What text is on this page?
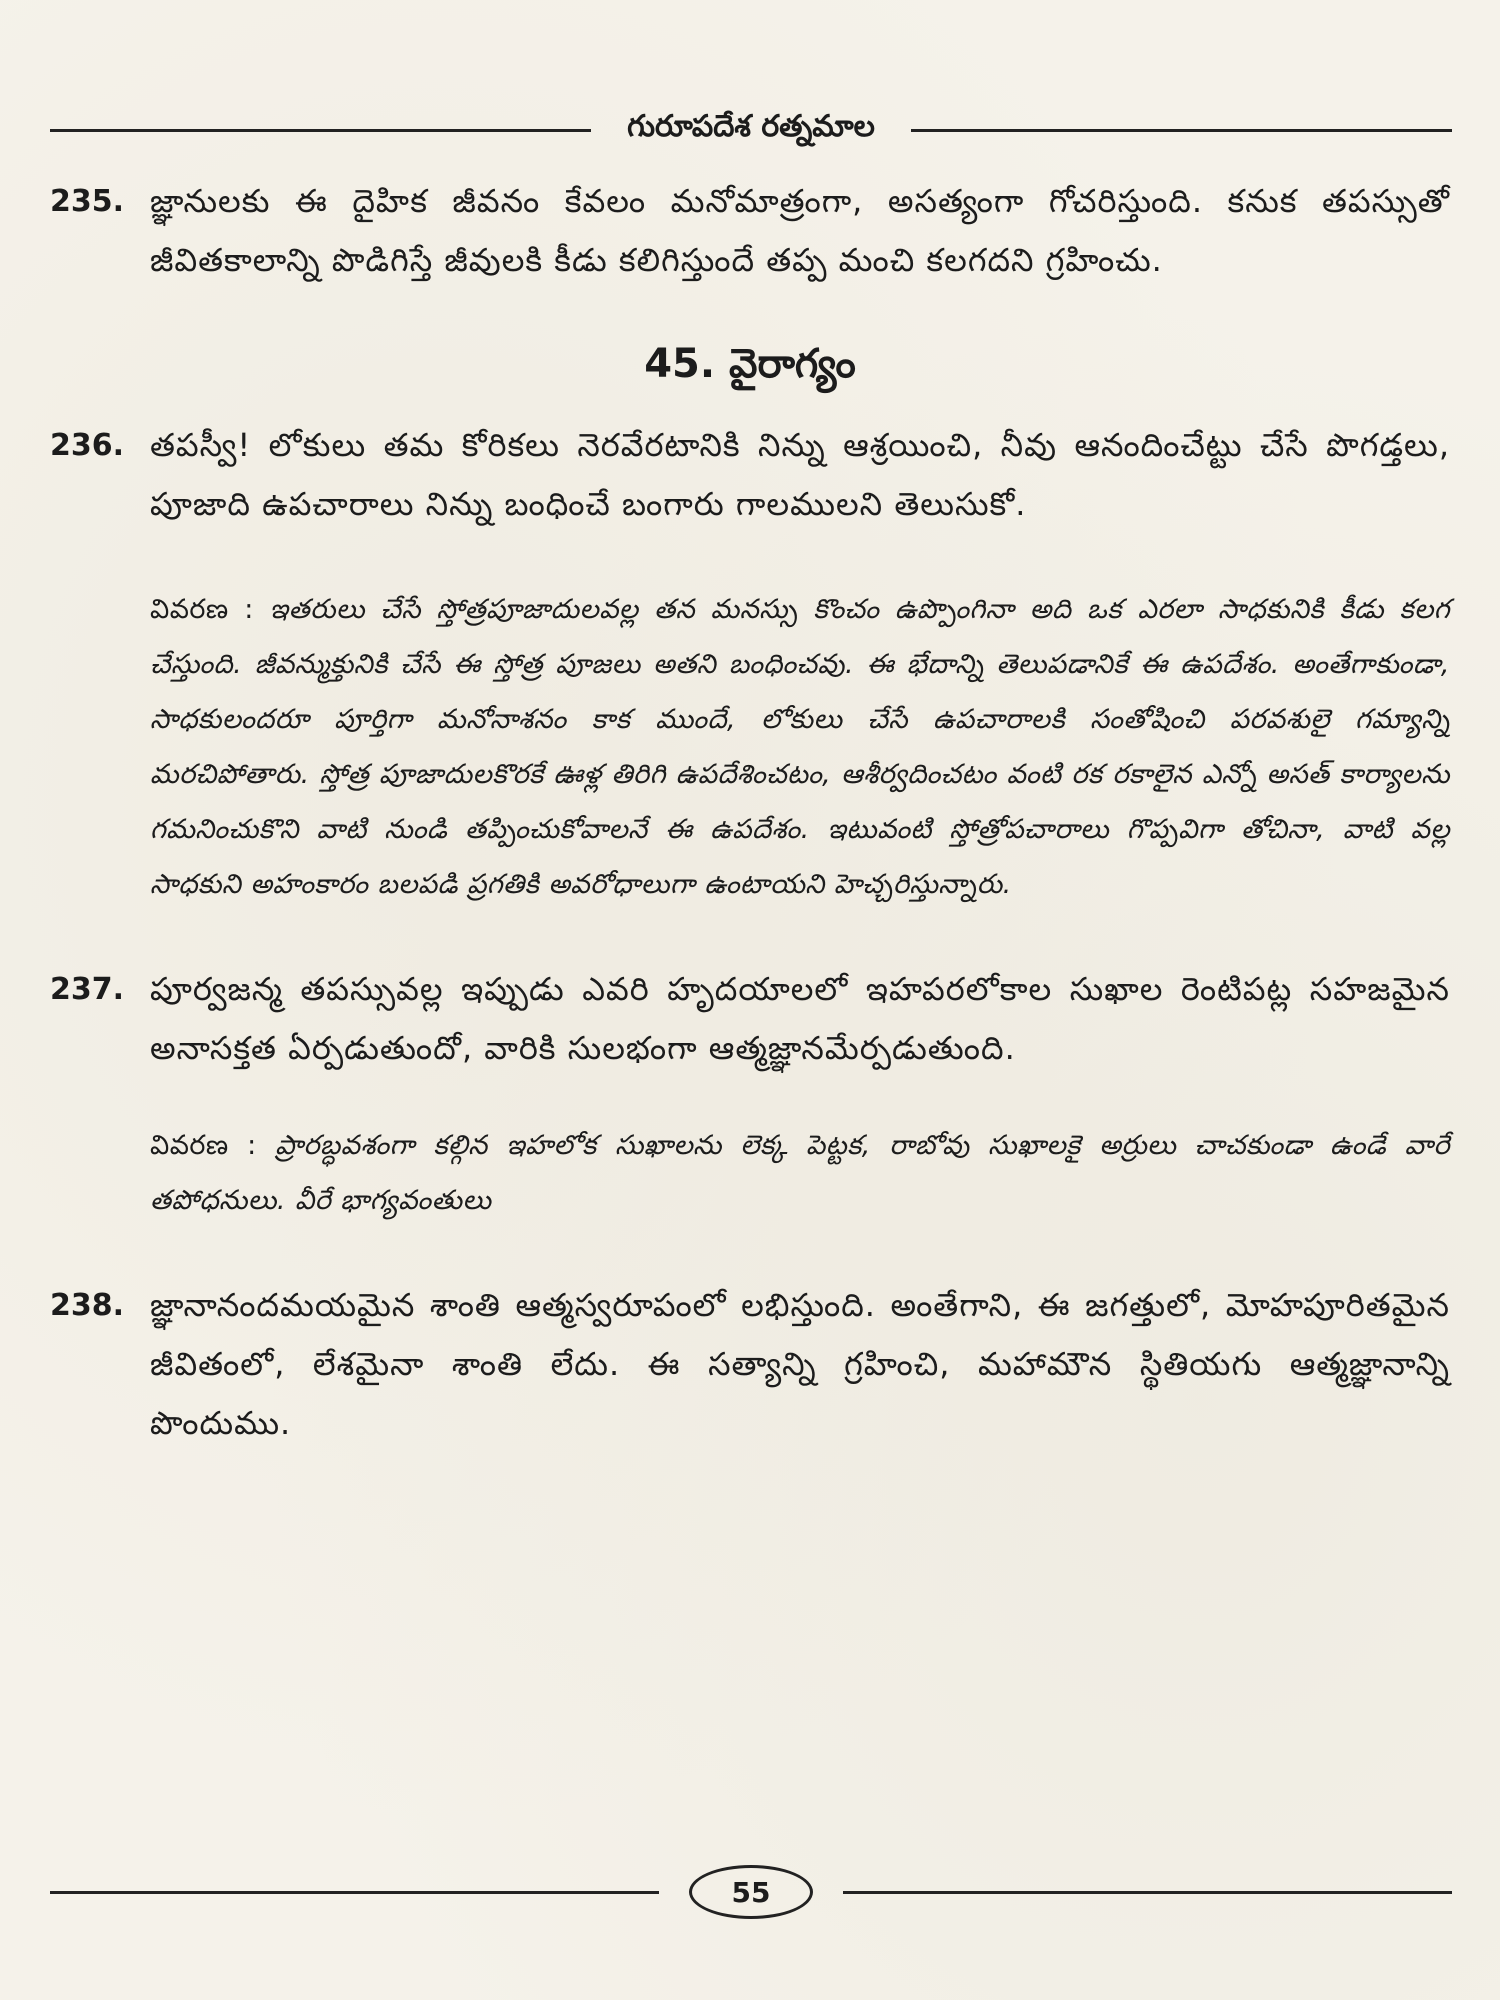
గురూపదేశ రత్నమాల
235. జ్ఞానులకు ఈ దైహిక జీవనం కేవలం మనోమాత్రంగా, అసత్యంగా గోచరిస్తుంది. కనుక తపస్సుతో జీవితకాలాన్ని పొడిగిస్తే జీవులకి కీడు కలిగిస్తుందే తప్ప మంచి కలగదని గ్రహించు.
45. వైరాగ్యం
236. తపస్వీ! లోకులు తమ కోరికలు నెరవేరటానికి నిన్ను ఆశ్రయించి, నీవు ఆనందించేట్టు చేసే పొగడ్తలు, పూజాది ఉపచారాలు నిన్ను బంధించే బంగారు గాలములని తెలుసుకో.
వివరణ : ఇతరులు చేసే స్తోత్రపూజాదులవల్ల తన మనస్సు కొంచం ఉప్పొంగినా అది ఒక ఎరలా సాధకునికి కీడు కలగ చేస్తుంది. జీవన్ముక్తునికి చేసే ఈ స్తోత్ర పూజలు అతని బంధించవు. ఈ భేదాన్ని తెలుపడానికే ఈ ఉపదేశం. అంతేగాకుండా, సాధకులందరూ పూర్తిగా మనోనాశనం కాక ముందే, లోకులు చేసే ఉపచారాలకి సంతోషించి పరవశులై గమ్యాన్ని మరచిపోతారు. స్తోత్ర పూజాదులకొరకే ఊళ్ల తిరిగి ఉపదేశించటం, ఆశీర్వదించటం వంటి రక రకాలైన ఎన్నో అసత్ కార్యాలను గమనించుకొని వాటి నుండి తప్పించుకోవాలనే ఈ ఉపదేశం. ఇటువంటి స్తోత్రోపచారాలు గొప్పవిగా తోచినా, వాటి వల్ల సాధకుని అహంకారం బలపడి ప్రగతికి అవరోధాలుగా ఉంటాయని హెచ్చరిస్తున్నారు.
237. పూర్వజన్మ తపస్సువల్ల ఇప్పుడు ఎవరి హృదయాలలో ఇహపరలోకాల సుఖాల రెంటిపట్ల సహజమైన అనాసక్తత ఏర్పడుతుందో, వారికి సులభంగా ఆత్మజ్ఞానమేర్పడుతుంది.
వివరణ : ప్రారబ్ధవశంగా కల్గిన ఇహలోక సుఖాలను లెక్క పెట్టక, రాబోవు సుఖాలకై అర్రులు చాచకుండా ఉండే వారే తపోధనులు. వీరే భాగ్యవంతులు
238. జ్ఞానానందమయమైన శాంతి ఆత్మస్వరూపంలో లభిస్తుంది. అంతేగాని, ఈ జగత్తులో, మోహపూరితమైన జీవితంలో, లేశమైనా శాంతి లేదు. ఈ సత్యాన్ని గ్రహించి, మహామౌన స్థితియగు ఆత్మజ్ఞానాన్ని పొందుము.
55
